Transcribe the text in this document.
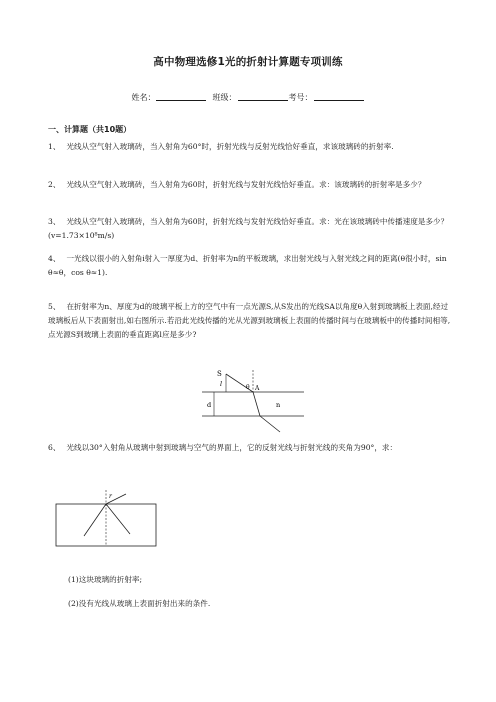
高中物理选修1光的折射计算题专项训练
姓名：	班级：	考号：
一、计算题（共10题）
1、 光线从空气射入玻璃砖，当入射角为60°时，折射光线与反射光线恰好垂直，求该玻璃砖的折射率.
2、 光线从空气射入玻璃砖，当入射角为60时，折射光线与发射光线恰好垂直。求：该玻璃砖的折射率是多少？
3、 光线从空气射入玻璃砖，当入射角为60时，折射光线与发射光线恰好垂直。求：光在该玻璃砖中传播速度是多少？(v=1.73×10⁸m/s)
4、 一光线以很小的入射角i射入一厚度为d、折射率为n的平板玻璃，求出射光线与入射光线之间的距离(θ很小时，sin θ≈θ，cos θ≈1).
5、 在折射率为n、厚度为d的玻璃平板上方的空气中有一点光源S,从S发出的光线SA以角度θ入射到玻璃板上表面,经过玻璃板后从下表面射出,如右图所示.若沿此光线传播的光从光源到玻璃板上表面的传播时间与在玻璃板中的传播时间相等,点光源S到玻璃上表面的垂直距离l应是多少?
S
θ A
l
d	n
6、 光线以30°入射角从玻璃中射到玻璃与空气的界面上，它的反射光线与折射光线的夹角为90°，求：
r
(1)这块玻璃的折射率;
(2)没有光线从玻璃上表面折射出来的条件.
